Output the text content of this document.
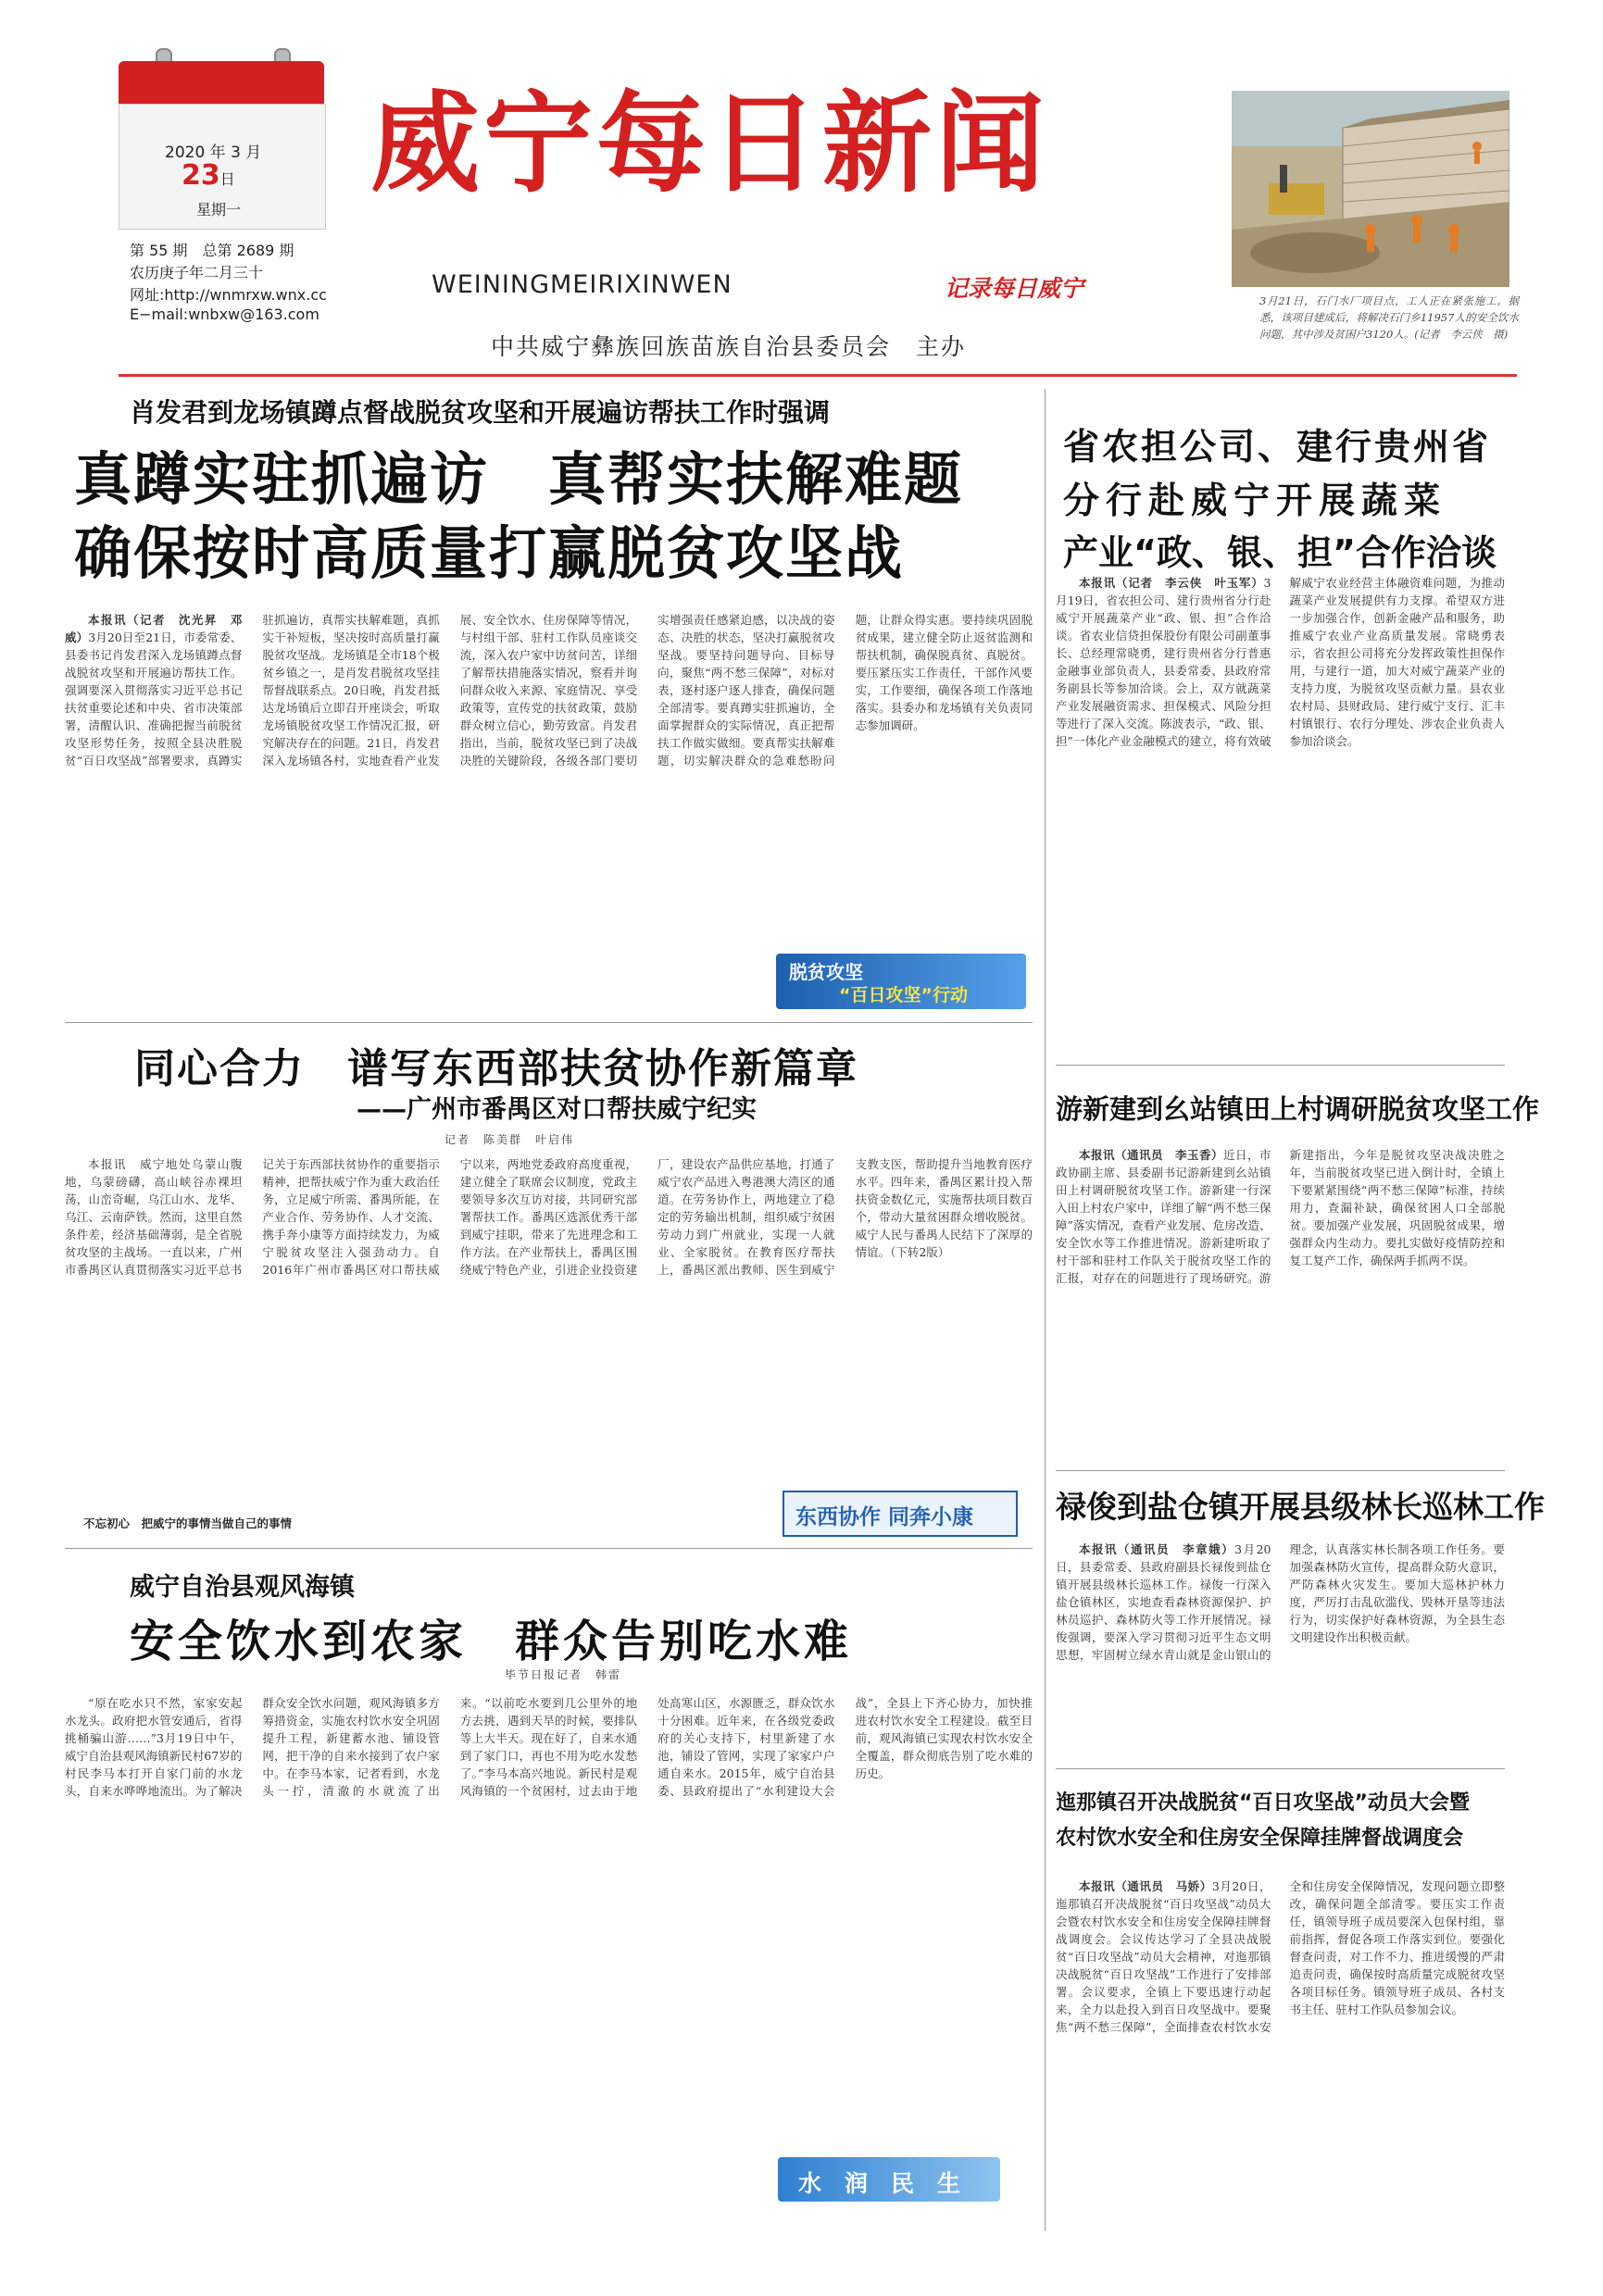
2020 年 3 月
23日
星期一
第 55 期　总第 2689 期
农历庚子年二月三十
网址:http://wnmrxw.wnx.cc
E−mail:wnbxw@163.com
威宁每日新闻
WEININGMEIRIXINWEN	记录每日威宁
中共威宁彝族回族苗族自治县委员会　主办
3月21日，石门水厂项目点，工人正在紧张施工。据悉，该项目建成后，将解决石门乡11957人的安全饮水问题，其中涉及贫困户3120人。(记者　李云侠　摄)
肖发君到龙场镇蹲点督战脱贫攻坚和开展遍访帮扶工作时强调
真蹲实驻抓遍访　真帮实扶解难题
确保按时高质量打赢脱贫攻坚战

本报讯（记者　沈光昇　邓威）3月20日至21日，市委常委、县委书记肖发君深入龙场镇蹲点督战脱贫攻坚和开展遍访帮扶工作。强调要深入贯彻落实习近平总书记扶贫重要论述和中央、省市决策部署，清醒认识、准确把握当前脱贫攻坚形势任务，按照全县决胜脱贫“百日攻坚战”部署要求，真蹲实驻抓遍访，真帮实扶解难题，真抓实干补短板，坚决按时高质量打赢脱贫攻坚战。龙场镇是全市18个极贫乡镇之一，是肖发君脱贫攻坚挂帮督战联系点。20日晚，肖发君抵达龙场镇后立即召开座谈会，听取龙场镇脱贫攻坚工作情况汇报，研究解决存在的问题。21日，肖发君深入龙场镇各村，实地查看产业发展、安全饮水、住房保障等情况，与村组干部、驻村工作队员座谈交流，深入农户家中访贫问苦，详细了解帮扶措施落实情况，察看并询问群众收入来源、家庭情况、享受政策等，宣传党的扶贫政策，鼓励群众树立信心，勤劳致富。肖发君指出，当前，脱贫攻坚已到了决战决胜的关键阶段，各级各部门要切实增强责任感紧迫感，以决战的姿态、决胜的状态，坚决打赢脱贫攻坚战。要坚持问题导向、目标导向，聚焦“两不愁三保障”，对标对表，逐村逐户逐人排查，确保问题全部清零。要真蹲实驻抓遍访，全面掌握群众的实际情况，真正把帮扶工作做实做细。要真帮实扶解难题，切实解决群众的急难愁盼问题，让群众得实惠。要持续巩固脱贫成果，建立健全防止返贫监测和帮扶机制，确保脱真贫、真脱贫。要压紧压实工作责任，干部作风要实，工作要细，确保各项工作落地落实。县委办和龙场镇有关负责同志参加调研。

脱贫攻坚
“百日攻坚”行动
同心合力　谱写东西部扶贫协作新篇章
——广州市番禺区对口帮扶威宁纪实
记者　陈美群　叶启伟

本报讯　威宁地处乌蒙山腹地，乌蒙磅礴，高山峡谷赤裸坦荡，山峦奇崛，乌江山水、龙华、乌江、云南萨铁。然而，这里自然条件差，经济基础薄弱，是全省脱贫攻坚的主战场。一直以来，广州市番禺区认真贯彻落实习近平总书记关于东西部扶贫协作的重要指示精神，把帮扶威宁作为重大政治任务，立足威宁所需、番禺所能，在产业合作、劳务协作、人才交流、携手奔小康等方面持续发力，为威宁脱贫攻坚注入强劲动力。自2016年广州市番禺区对口帮扶威宁以来，两地党委政府高度重视，建立健全了联席会议制度，党政主要领导多次互访对接，共同研究部署帮扶工作。番禺区选派优秀干部到威宁挂职，带来了先进理念和工作方法。在产业帮扶上，番禺区围绕威宁特色产业，引进企业投资建厂，建设农产品供应基地，打通了威宁农产品进入粤港澳大湾区的通道。在劳务协作上，两地建立了稳定的劳务输出机制，组织威宁贫困劳动力到广州就业，实现一人就业、全家脱贫。在教育医疗帮扶上，番禺区派出教师、医生到威宁支教支医，帮助提升当地教育医疗水平。四年来，番禺区累计投入帮扶资金数亿元，实施帮扶项目数百个，带动大量贫困群众增收脱贫。威宁人民与番禺人民结下了深厚的情谊。（下转2版）

不忘初心　把威宁的事情当做自己的事情	东西协作 同奔小康
威宁自治县观风海镇
安全饮水到农家　群众告别吃水难
毕节日报记者　韩雷

“原在吃水只不然，家家安起水龙头。政府把水管安通后，省得挑桶骗山游……”3月19日中午，威宁自治县观风海镇新民村67岁的村民李马本打开自家门前的水龙头，自来水哗哗地流出。为了解决群众安全饮水问题，观风海镇多方筹措资金，实施农村饮水安全巩固提升工程，新建蓄水池、铺设管网，把干净的自来水接到了农户家中。在李马本家，记者看到，水龙头一拧，清澈的水就流了出来。“以前吃水要到几公里外的地方去挑，遇到天旱的时候，要排队等上大半天。现在好了，自来水通到了家门口，再也不用为吃水发愁了。”李马本高兴地说。新民村是观风海镇的一个贫困村，过去由于地处高寒山区，水源匮乏，群众饮水十分困难。近年来，在各级党委政府的关心支持下，村里新建了水池，铺设了管网，实现了家家户户通自来水。2015年，威宁自治县委、县政府提出了“水利建设大会战”，全县上下齐心协力，加快推进农村饮水安全工程建设。截至目前，观风海镇已实现农村饮水安全全覆盖，群众彻底告别了吃水难的历史。

水　润　民　生
省农担公司、建行贵州省
分行赴威宁开展蔬菜
产业“政、银、担”合作洽谈

本报讯（记者　李云侠　叶玉军）3月19日，省农担公司、建行贵州省分行赴威宁开展蔬菜产业“政、银、担”合作洽谈。省农业信贷担保股份有限公司副董事长、总经理常晓勇，建行贵州省分行普惠金融事业部负责人，县委常委、县政府常务副县长等参加洽谈。会上，双方就蔬菜产业发展融资需求、担保模式、风险分担等进行了深入交流。陈波表示，“政、银、担”一体化产业金融模式的建立，将有效破解威宁农业经营主体融资难问题，为推动蔬菜产业发展提供有力支撑。希望双方进一步加强合作，创新金融产品和服务，助推威宁农业产业高质量发展。常晓勇表示，省农担公司将充分发挥政策性担保作用，与建行一道，加大对威宁蔬菜产业的支持力度，为脱贫攻坚贡献力量。县农业农村局、县财政局、建行威宁支行、汇丰村镇银行、农行分理处、涉农企业负责人参加洽谈会。

游新建到幺站镇田上村调研脱贫攻坚工作

本报讯（通讯员　李玉香）近日，市政协副主席、县委副书记游新建到幺站镇田上村调研脱贫攻坚工作。游新建一行深入田上村农户家中，详细了解“两不愁三保障”落实情况，查看产业发展、危房改造、安全饮水等工作推进情况。游新建听取了村干部和驻村工作队关于脱贫攻坚工作的汇报，对存在的问题进行了现场研究。游新建指出，今年是脱贫攻坚决战决胜之年，当前脱贫攻坚已进入倒计时，全镇上下要紧紧围绕“两不愁三保障”标准，持续用力，查漏补缺，确保贫困人口全部脱贫。要加强产业发展，巩固脱贫成果，增强群众内生动力。要扎实做好疫情防控和复工复产工作，确保两手抓两不误。

禄俊到盐仓镇开展县级林长巡林工作

本报讯（通讯员　李章娥）3月20日，县委常委、县政府副县长禄俊到盐仓镇开展县级林长巡林工作。禄俊一行深入盐仓镇林区，实地查看森林资源保护、护林员巡护、森林防火等工作开展情况。禄俊强调，要深入学习贯彻习近平生态文明思想，牢固树立绿水青山就是金山银山的理念，认真落实林长制各项工作任务。要加强森林防火宣传，提高群众防火意识，严防森林火灾发生。要加大巡林护林力度，严厉打击乱砍滥伐、毁林开垦等违法行为，切实保护好森林资源，为全县生态文明建设作出积极贡献。

迤那镇召开决战脱贫“百日攻坚战”动员大会暨
农村饮水安全和住房安全保障挂牌督战调度会

本报讯（通讯员　马娇）3月20日，迤那镇召开决战脱贫“百日攻坚战”动员大会暨农村饮水安全和住房安全保障挂牌督战调度会。会议传达学习了全县决战脱贫“百日攻坚战”动员大会精神，对迤那镇决战脱贫“百日攻坚战”工作进行了安排部署。会议要求，全镇上下要迅速行动起来，全力以赴投入到百日攻坚战中。要聚焦“两不愁三保障”，全面排查农村饮水安全和住房安全保障情况，发现问题立即整改，确保问题全部清零。要压实工作责任，镇领导班子成员要深入包保村组，靠前指挥，督促各项工作落实到位。要强化督查问责，对工作不力、推进缓慢的严肃追责问责，确保按时高质量完成脱贫攻坚各项目标任务。镇领导班子成员、各村支书主任、驻村工作队员参加会议。
